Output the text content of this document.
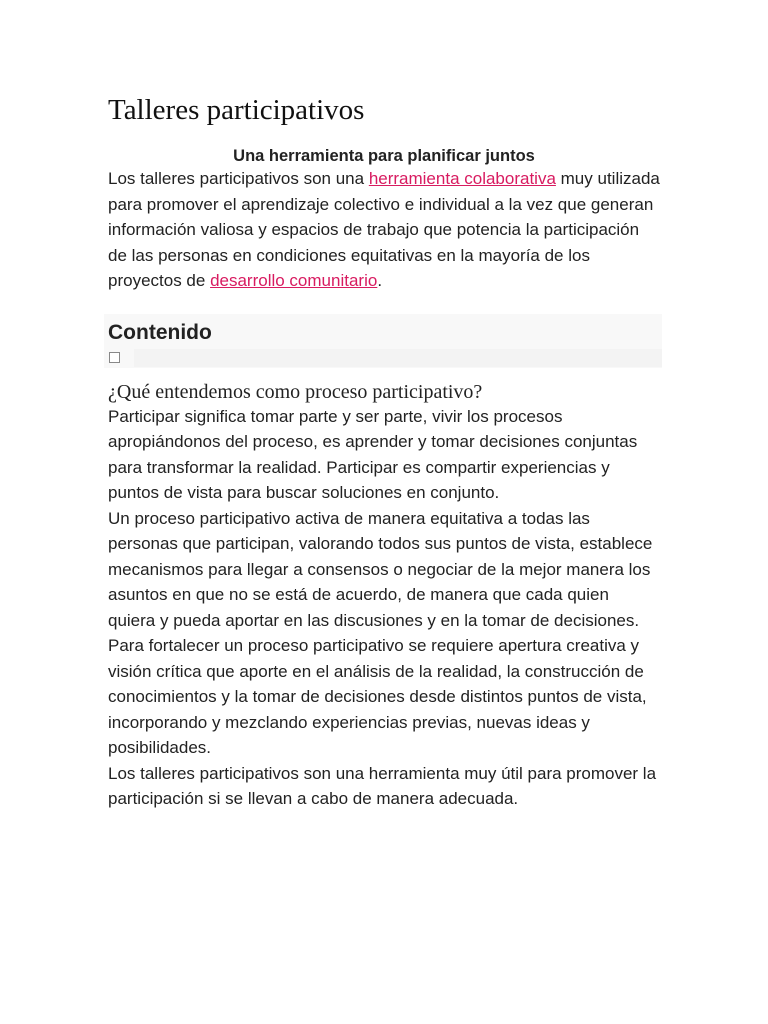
Talleres participativos
Una herramienta para planificar juntos

Los talleres participativos son una herramienta colaborativa muy utilizada para promover el aprendizaje colectivo e individual a la vez que generan información valiosa y espacios de trabajo que potencia la participación de las personas en condiciones equitativas en la mayoría de los proyectos de desarrollo comunitario.

Contenido
¿Qué entendemos como proceso participativo?

Participar significa tomar parte y ser parte, vivir los procesos apropiándonos del proceso, es aprender y tomar decisiones conjuntas para transformar la realidad. Participar es compartir experiencias y puntos de vista para buscar soluciones en conjunto.

Un proceso participativo activa de manera equitativa a todas las personas que participan, valorando todos sus puntos de vista, establece mecanismos para llegar a consensos o negociar de la mejor manera los asuntos en que no se está de acuerdo, de manera que cada quien quiera y pueda aportar en las discusiones y en la tomar de decisiones.

Para fortalecer un proceso participativo se requiere apertura creativa y visión crítica que aporte en el análisis de la realidad, la construcción de conocimientos y la tomar de decisiones desde distintos puntos de vista, incorporando y mezclando experiencias previas, nuevas ideas y posibilidades.

Los talleres participativos son una herramienta muy útil para promover la participación si se llevan a cabo de manera adecuada.
